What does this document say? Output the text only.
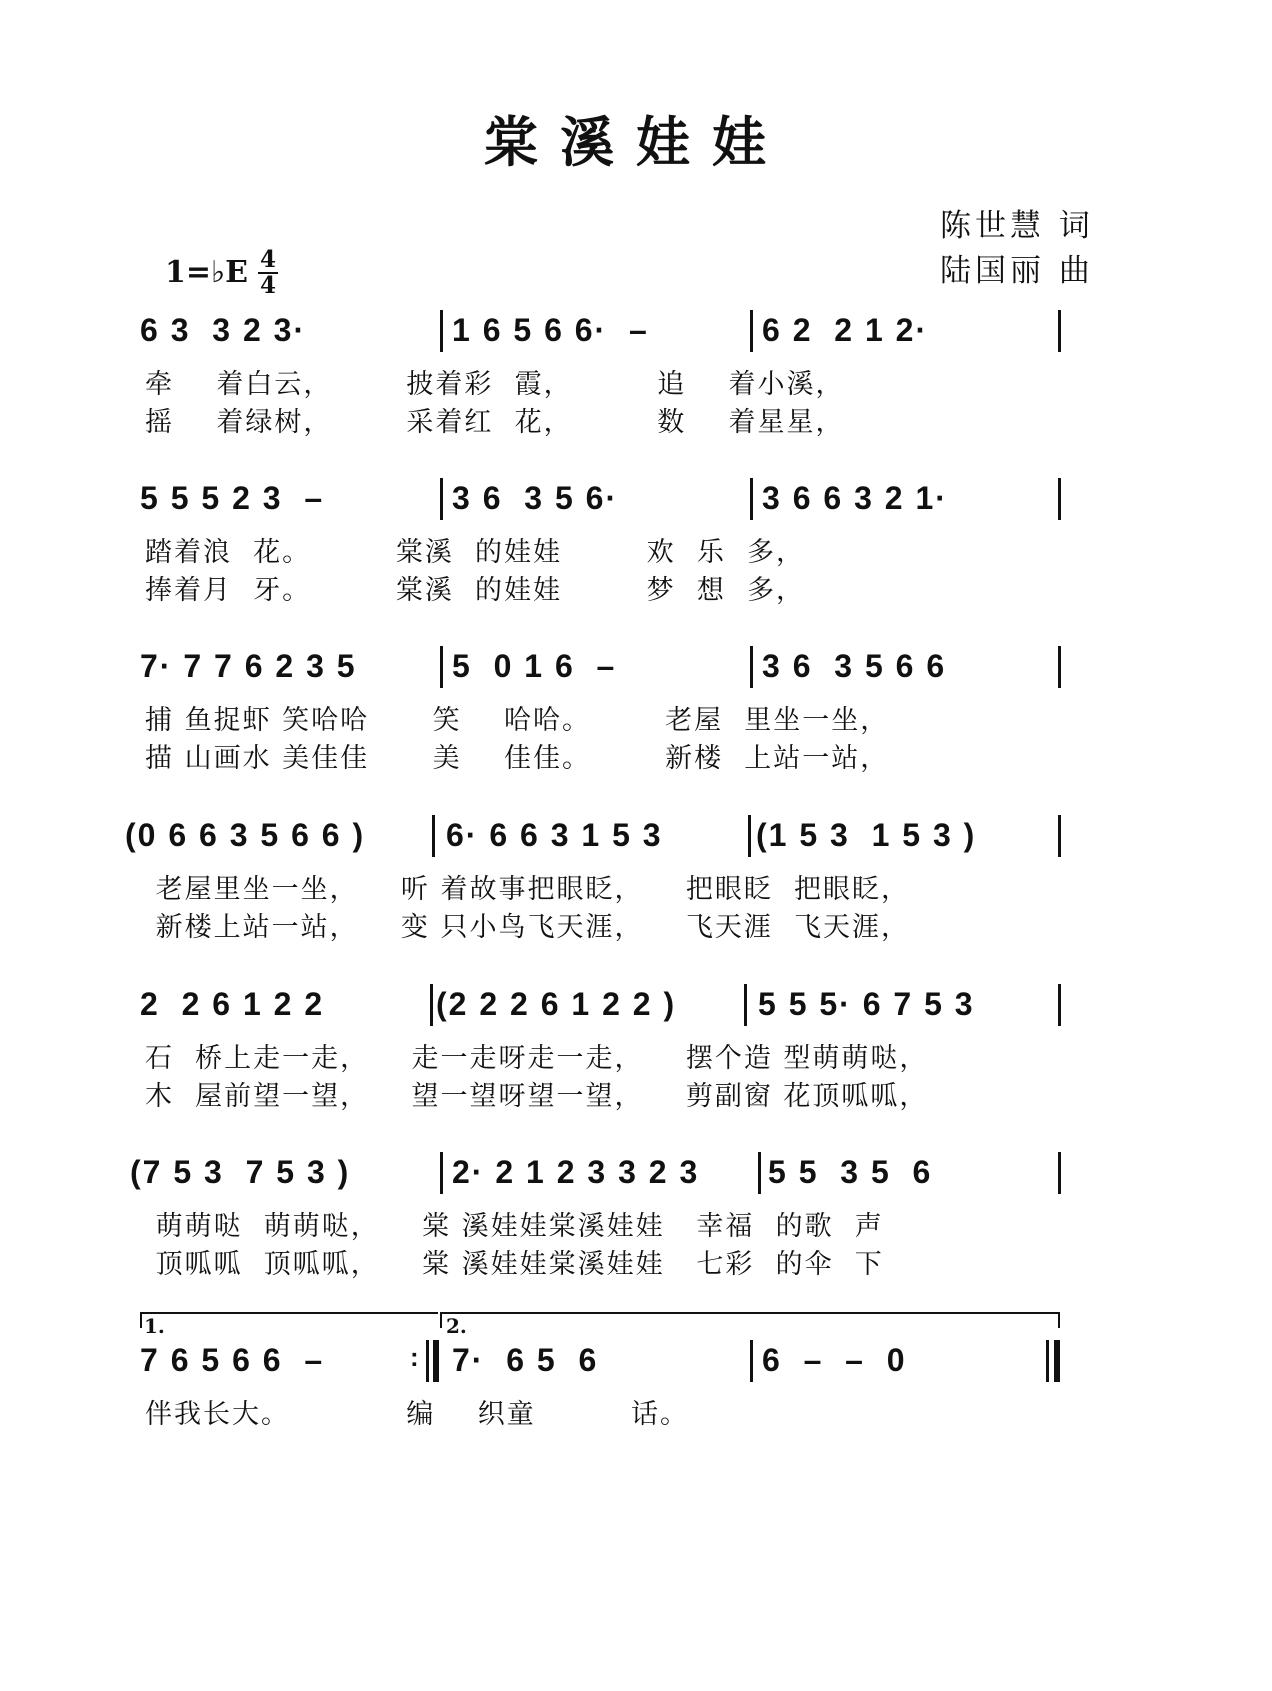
棠溪娃娃
陈世慧 词
陆国丽 曲
1=♭E $\frac{4}{4}$
6 3  3 2 3·	1 6 5 6 6·  –	6 2  2 1 2·
牵    着白云，       披着彩  霞，        追    着小溪，
摇    着绿树，       采着红  花，        数    着星星，
5 5 5 2 3  –	3 6  3 5 6·	3 6 6 3 2 1·
踏着浪  花。        棠溪  的娃娃        欢  乐  多，
捧着月  牙。        棠溪  的娃娃        梦  想  多，
7· 7 7 6 2 3 5	5  0 1 6  –	3 6  3 5 6 6
捕 鱼捉虾 笑哈哈      笑    哈哈。       老屋  里坐一坐，
描 山画水 美佳佳      美    佳佳。       新楼  上站一站，
(0 6 6 3 5 6 6 )	6· 6 6 3 1 5 3	(1 5 3  1 5 3 )
老屋里坐一坐，    听 着故事把眼眨，    把眼眨  把眼眨，
新楼上站一站，    变 只小鸟飞天涯，    飞天涯  飞天涯，
2  2 6 1 2 2	(2 2 2 6 1 2 2 )	5 5 5· 6 7 5 3
石  桥上走一走，    走一走呀走一走，    摆个造 型萌萌哒，
木  屋前望一望，    望一望呀望一望，    剪副窗 花顶呱呱，
(7 5 3  7 5 3 )	2· 2 1 2 3 3 2 3 5 5  3 5  6
萌萌哒  萌萌哒，    棠 溪娃娃棠溪娃娃   幸福  的歌  声
顶呱呱  顶呱呱，    棠 溪娃娃棠溪娃娃   七彩  的伞  下
1.	2.
7 6 5 6 6  –	: 7·  6 5  6	6  –  –  0
伴我长大。           编    织童         话。
